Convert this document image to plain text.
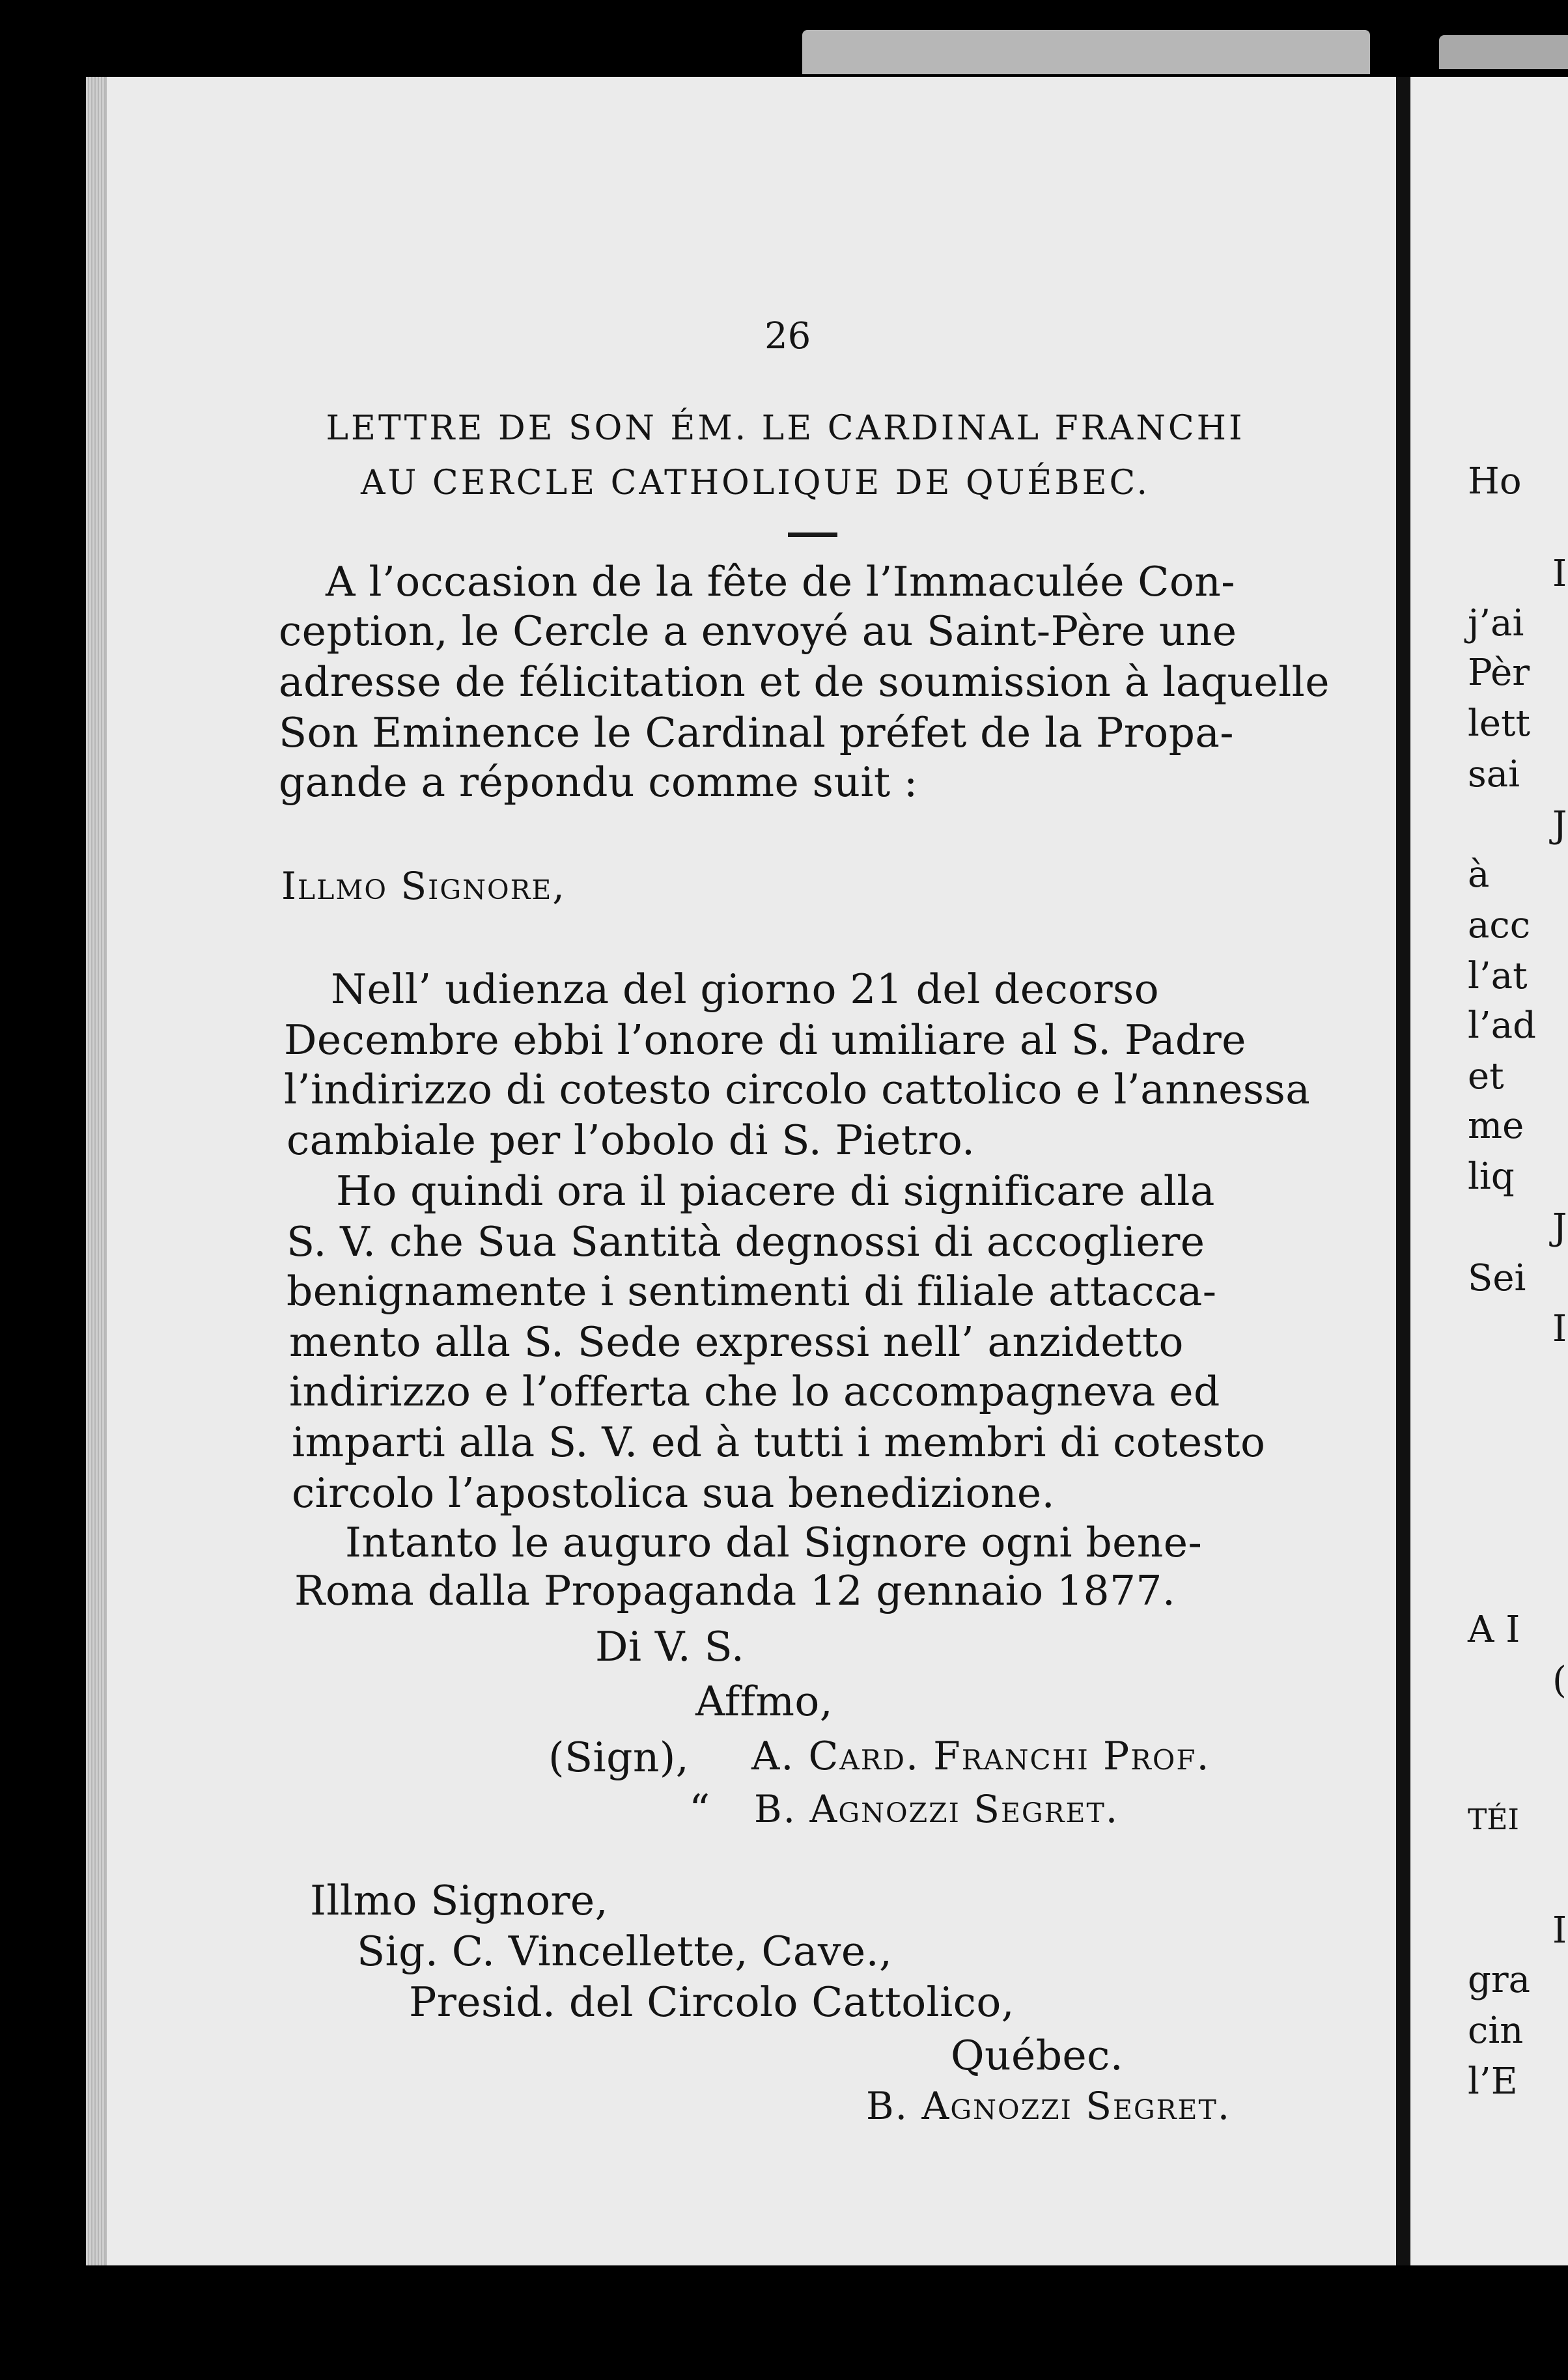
Ho
I
j’ai
Pèr
lett
sai
J
à
acc
l’at
l’ad
et
me
liq
J
Sei
I
A I
(
TÉI
I
gra
cin
l’E
26
LETTRE DE SON ÉM. LE CARDINAL FRANCHI
AU CERCLE CATHOLIQUE DE QUÉBEC.
A l’occasion de la fête de l’Immaculée Con-
ception, le Cercle a envoyé au Saint-Père une
adresse de félicitation et de soumission à laquelle
Son Eminence le Cardinal préfet de la Propa-
gande a répondu comme suit :
Illmo Signore,
Nell’ udienza del giorno 21 del decorso
Decembre ebbi l’onore di umiliare al S. Padre
l’indirizzo di cotesto circolo cattolico e l’annessa
cambiale per l’obolo di S. Pietro.
Ho quindi ora il piacere di significare alla
S. V. che Sua Santità degnossi di accogliere
benignamente i sentimenti di filiale attacca-
mento alla S. Sede expressi nell’ anzidetto
indirizzo e l’offerta che lo accompagneva ed
imparti alla S. V. ed à tutti i membri di cotesto
circolo l’apostolica sua benedizione.
Intanto le auguro dal Signore ogni bene-
Roma dalla Propaganda 12 gennaio 1877.
Di V. S.
Affmo,
(Sign), A. Card. Franchi Prof.
“ B. Agnozzi Segret.
Illmo Signore,
Sig. C. Vincellette, Cave.,
Presid. del Circolo Cattolico,
Québec.
B. Agnozzi Segret.
